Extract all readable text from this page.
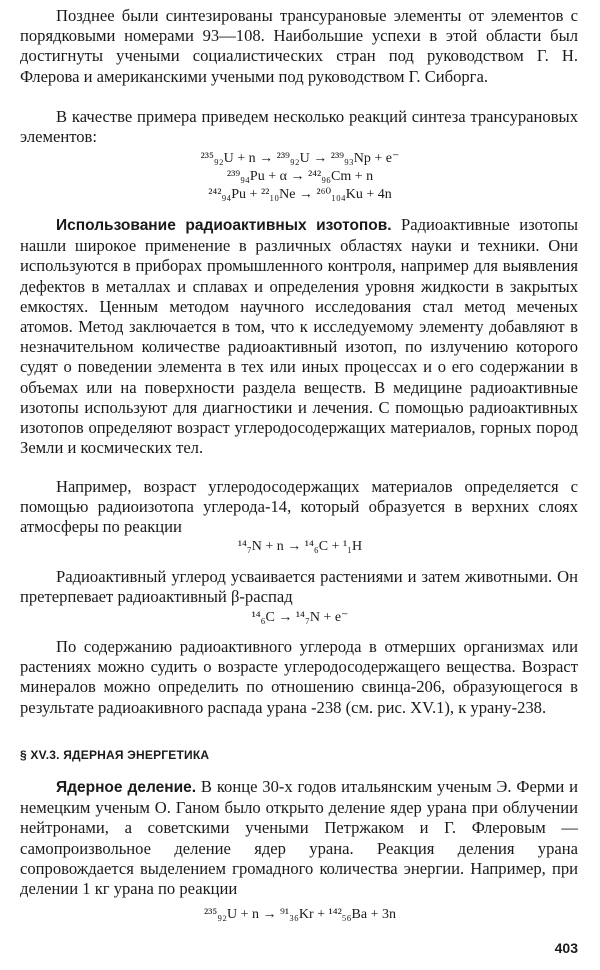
Позднее были синтезированы трансурановые элементы от элементов с порядковыми номерами 93—108. Наибольшие успехи в этой области был достигнуты учеными социалистических стран под руководством Г. Н. Флерова и американскими учеными под руководством Г. Сиборга.

В качестве примера приведем несколько реакций синтеза трансурановых элементов:

²³⁵₉₂U + n → ²³⁹₉₂U → ²³⁹₉₃Np + e⁻
²³⁹₉₄Pu + α → ²⁴²₉₆Cm + n
²⁴²₉₄Pu + ²²₁₀Ne → ²⁶⁰₁₀₄Ku + 4n

Использование радиоактивных изотопов. Радиоактивные изотопы нашли широкое применение в различных областях науки и техники. Они используются в приборах промышленного контроля, например для выявления дефектов в металлах и сплавах и определения уровня жидкости в закрытых емкостях. Ценным методом научного исследования стал метод меченых атомов. Метод заключается в том, что к исследуемому элементу добавляют в незначительном количестве радиоактивный изотоп, по излучению которого судят о поведении элемента в тех или иных процессах и о его содержании в объемах или на поверхности раздела веществ. В медицине радиоактивные изотопы используют для диагностики и лечения. С помощью радиоактивных изотопов определяют возраст углеродосодержащих материалов, горных пород Земли и космических тел.

Например, возраст углеродосодержащих материалов определяется с помощью радиоизотопа углерода-14, который образуется в верхних слоях атмосферы по реакции

¹⁴₇N + n → ¹⁴₆C + ¹₁H

Радиоактивный углерод усваивается растениями и затем животными. Он претерпевает радиоактивный β-распад

¹⁴₆C → ¹⁴₇N + e⁻

По содержанию радиоактивного углерода в отмерших организмах или растениях можно судить о возрасте углеродосодержащего вещества. Возраст минералов можно определить по отношению свинца-206, образующегося в результате радиоакивного распада урана -238 (см. рис. XV.1), к урану-238.

§ XV.3. ЯДЕРНАЯ ЭНЕРГЕТИКА

Ядерное деление. В конце 30-х годов итальянским ученым Э. Ферми и немецким ученым О. Ганом было открыто деление ядер урана при облучении нейтронами, а советскими учеными Петржаком и Г. Флеровым — самопроизвольное деление ядер урана. Реакция деления урана сопровождается выделением громадного количества энергии. Например, при делении 1 кг урана по реакции

²³⁵₉₂U + n → ⁹¹₃₆Kr + ¹⁴²₅₆Ba + 3n
403
